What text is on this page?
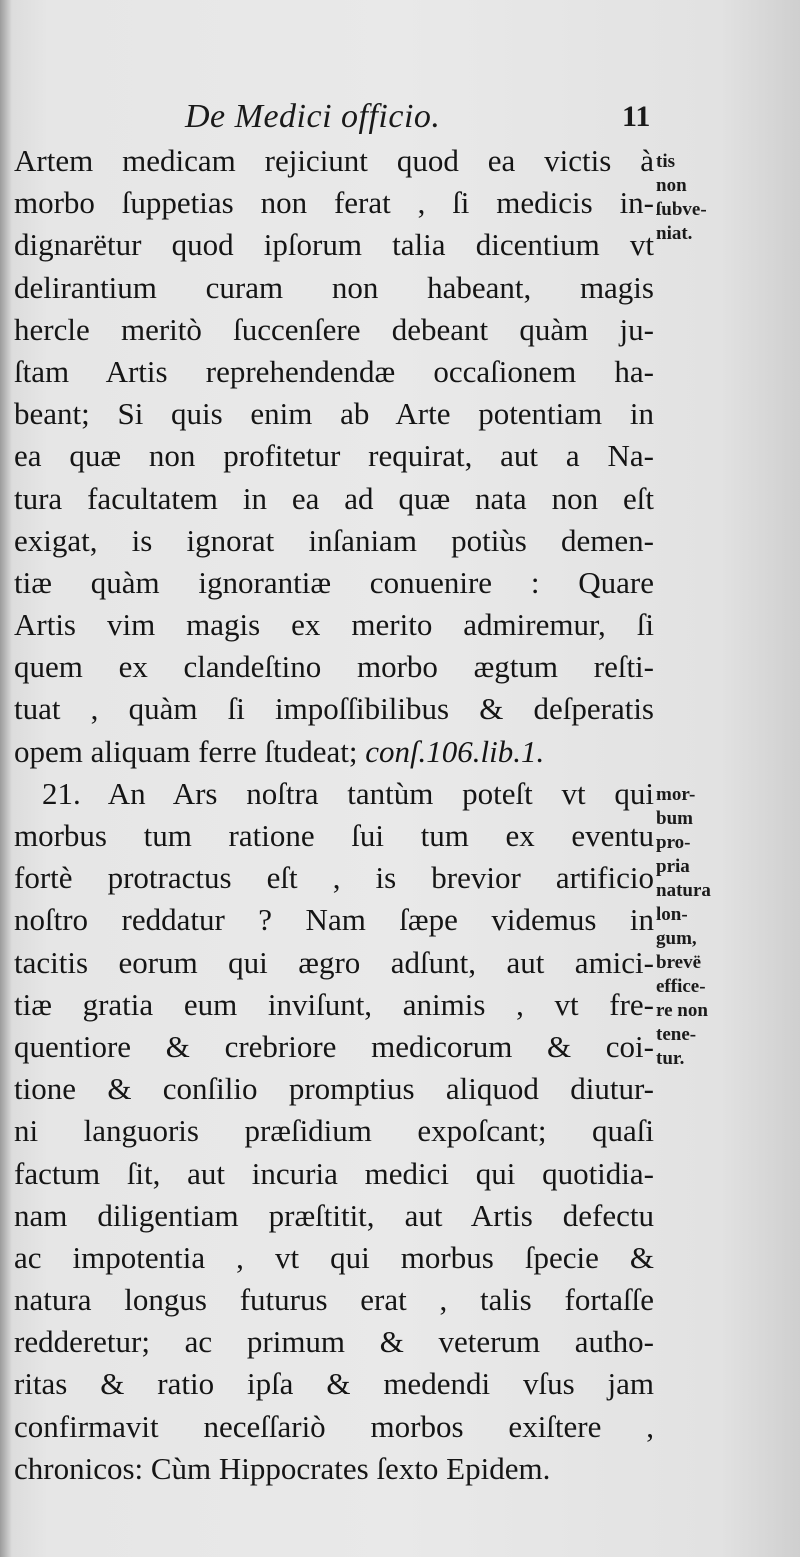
De Medici officio.	11
Artem medicam rejiciunt quod ea victis à
morbo ſuppetias non ferat , ſi medicis in-
dignarëtur quod ipſorum talia dicentium vt
delirantium curam non habeant, magis
hercle meritò ſuccenſere debeant quàm ju-
ſtam Artis reprehendendæ occaſionem ha-
beant; Si quis enim ab Arte potentiam in
ea quæ non profitetur requirat, aut a Na-
tura facultatem in ea ad quæ nata non eſt
exigat, is ignorat inſaniam potiùs demen-
tiæ quàm ignorantiæ conuenire : Quare
Artis vim magis ex merito admiremur, ſi
quem ex clandeſtino morbo ægtum reſti-
tuat , quàm ſi impoſſibilibus & deſperatis
opem aliquam ferre ſtudeat; conſ.106.lib.1.
21. An Ars noſtra tantùm poteſt vt qui
morbus tum ratione ſui tum ex eventu
fortè protractus eſt , is brevior artificio
noſtro reddatur ? Nam ſæpe videmus in
tacitis eorum qui ægro adſunt, aut amici-
tiæ gratia eum inviſunt, animis , vt fre-
quentiore & crebriore medicorum & coi-
tione & conſilio promptius aliquod diutur-
ni languoris præſidium expoſcant; quaſi
factum ſit, aut incuria medici qui quotidia-
nam diligentiam præſtitit, aut Artis defectu
ac impotentia , vt qui morbus ſpecie &
natura longus futurus erat , talis fortaſſe
redderetur; ac primum & veterum autho-
ritas & ratio ipſa & medendi vſus jam
confirmavit neceſſariò morbos exiſtere ,
chronicos: Cùm Hippocrates ſexto Epidem.
tis
non
ſubve-
niat.
mor-
bum
pro-
pria
natura
lon-
gum,
brevë
effice-
re non
tene-
tur.
